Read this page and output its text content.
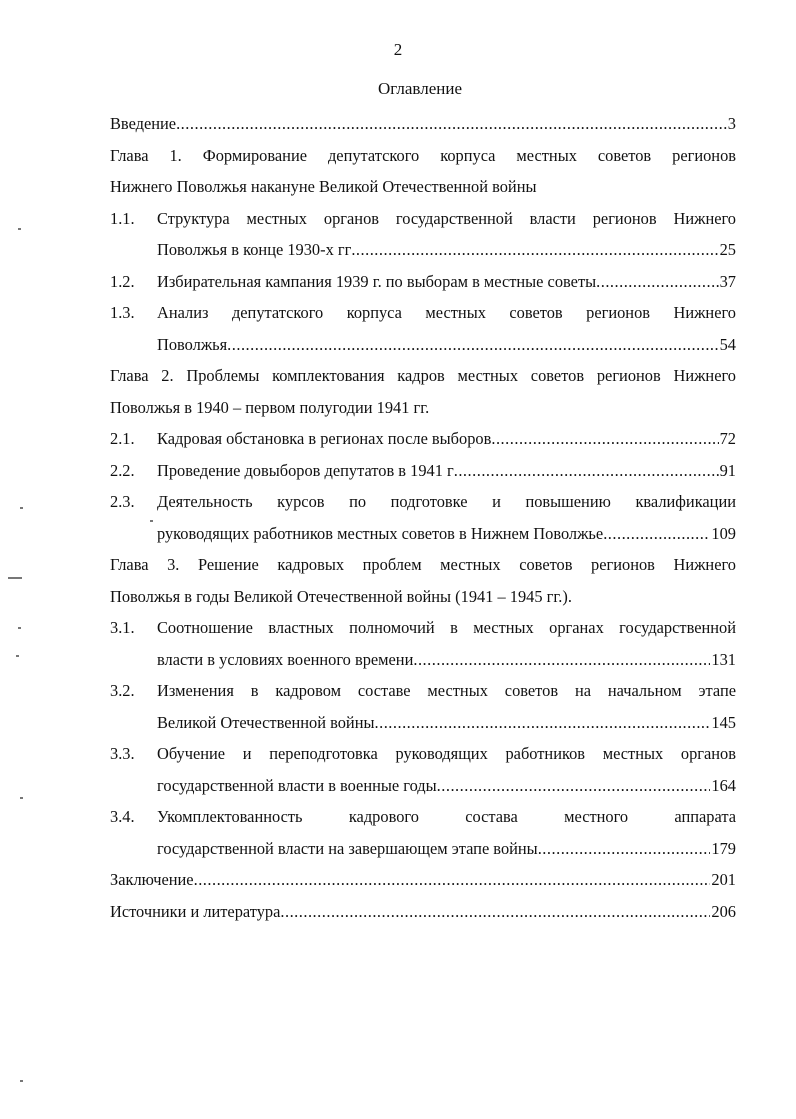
2
Оглавление
Введение .....	3
Глава 1. Формирование депутатского корпуса местных советов регионов
Нижнего Поволжья накануне Великой Отечественной войны
1.1.	Структура местных органов государственной власти регионов Нижнего
Поволжья в конце 1930-х гг .....	25
1.2.	Избирательная кампания 1939 г. по выборам в местные советы .....	37
1.3.	Анализ депутатского корпуса местных советов регионов Нижнего
Поволжья .....	54
Глава 2. Проблемы комплектования кадров местных советов регионов Нижнего
Поволжья в 1940 – первом полугодии 1941 гг.
2.1.	Кадровая обстановка в регионах после выборов .....	72
2.2.	Проведение довыборов депутатов в 1941 г .....	91
2.3.	Деятельность курсов по подготовке и повышению квалификации
руководящих работников местных советов в Нижнем Поволжье .....	109
Глава 3. Решение кадровых проблем местных советов регионов Нижнего
Поволжья в годы Великой Отечественной войны (1941 – 1945 гг.).
3.1.	Соотношение властных полномочий в местных органах государственной
власти в условиях военного времени .....	131
3.2.	Изменения в кадровом составе местных советов на начальном этапе
Великой Отечественной войны .....	145
3.3.	Обучение и переподготовка руководящих работников местных органов
государственной власти в военные годы .....	164
3.4.	Укомплектованность кадрового состава местного аппарата
государственной власти на завершающем этапе войны .....	179
Заключение .....	201
Источники и литература .....	206
